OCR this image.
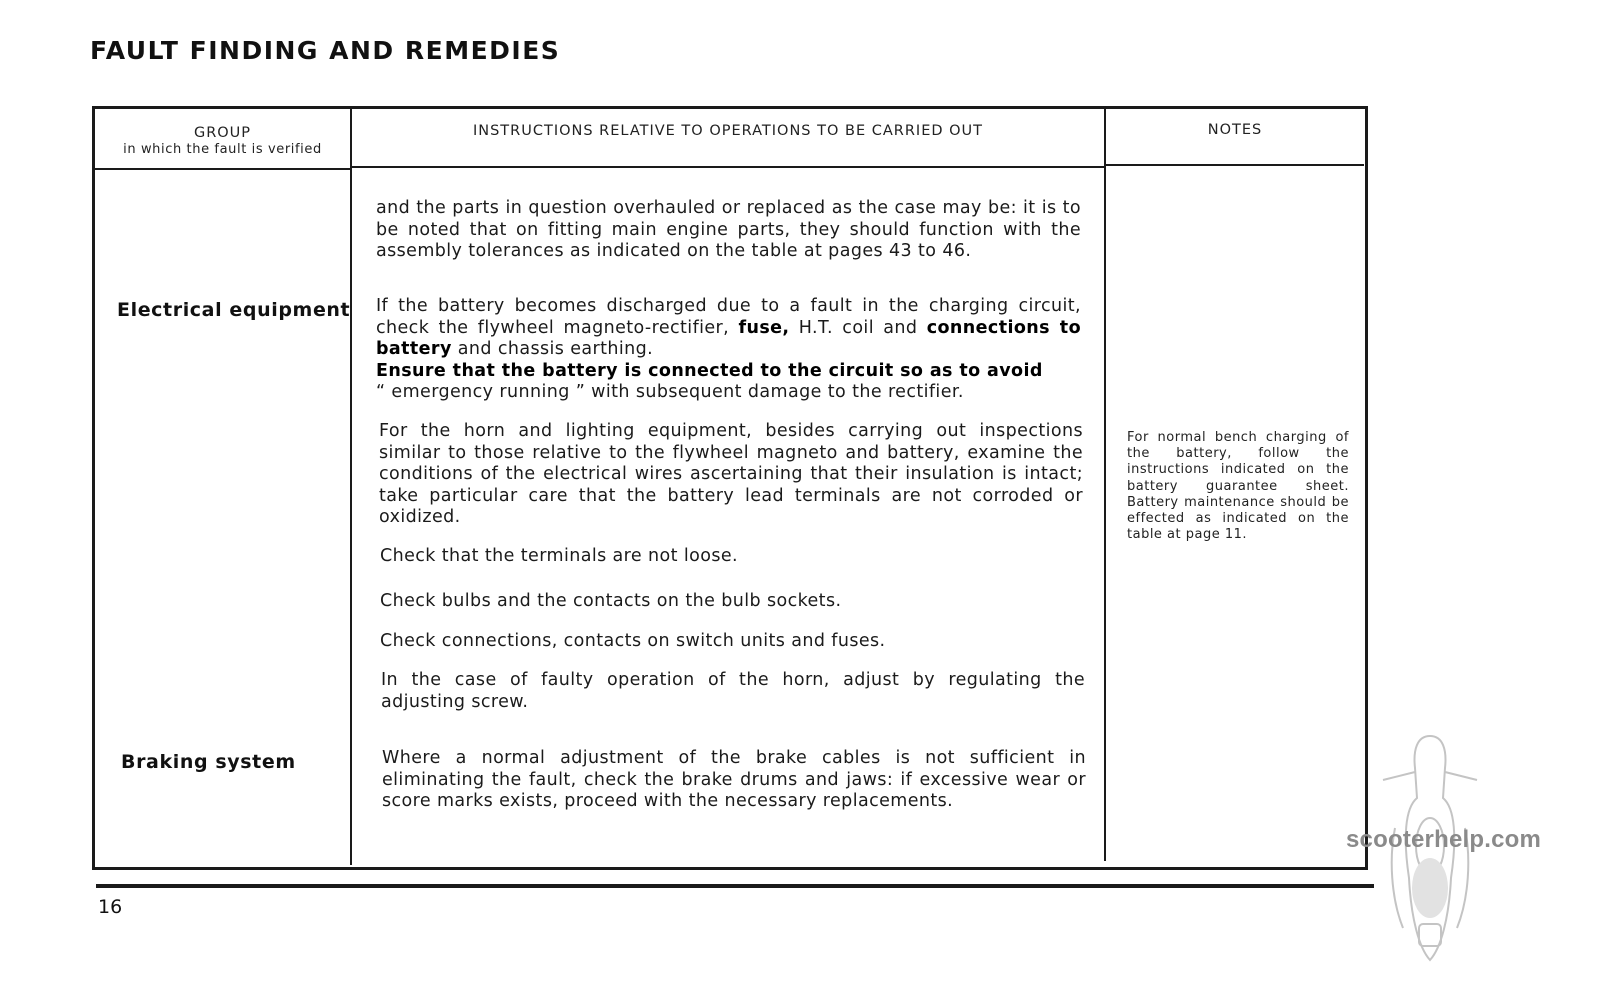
FAULT FINDING AND REMEDIES
GROUP
in which the fault is verified
INSTRUCTIONS RELATIVE TO OPERATIONS TO BE CARRIED OUT	NOTES
Electrical equipment
Braking system
and the parts in question overhauled or replaced as the case may be: it is to be noted that on fitting main engine parts, they should function with the assembly tolerances as indicated on the table at pages 43 to 46.
If the battery becomes discharged due to a fault in the charging circuit, check the flywheel magneto-rectifier, fuse, H.T. coil and connections to battery and chassis earthing.
Ensure that the battery is connected to the circuit so as to avoid
“ emergency running ” with subsequent damage to the rectifier.
For the horn and lighting equipment, besides carrying out inspections similar to those relative to the flywheel magneto and battery, examine the conditions of the electrical wires ascertaining that their insulation is intact; take particular care that the battery lead terminals are not corroded or oxidized.
Check that the terminals are not loose.
Check bulbs and the contacts on the bulb sockets.
Check connections, contacts on switch units and fuses.
In the case of faulty operation of the horn, adjust by regulating the adjusting screw.
Where a normal adjustment of the brake cables is not sufficient in eliminating the fault, check the brake drums and jaws: if excessive wear or score marks exists, proceed with the necessary replacements.
For normal bench charging of the battery, follow the instructions indicated on the battery guarantee sheet. Battery maintenance should be effected as indicated on the table at page 11.
16
scooterhelp.com
